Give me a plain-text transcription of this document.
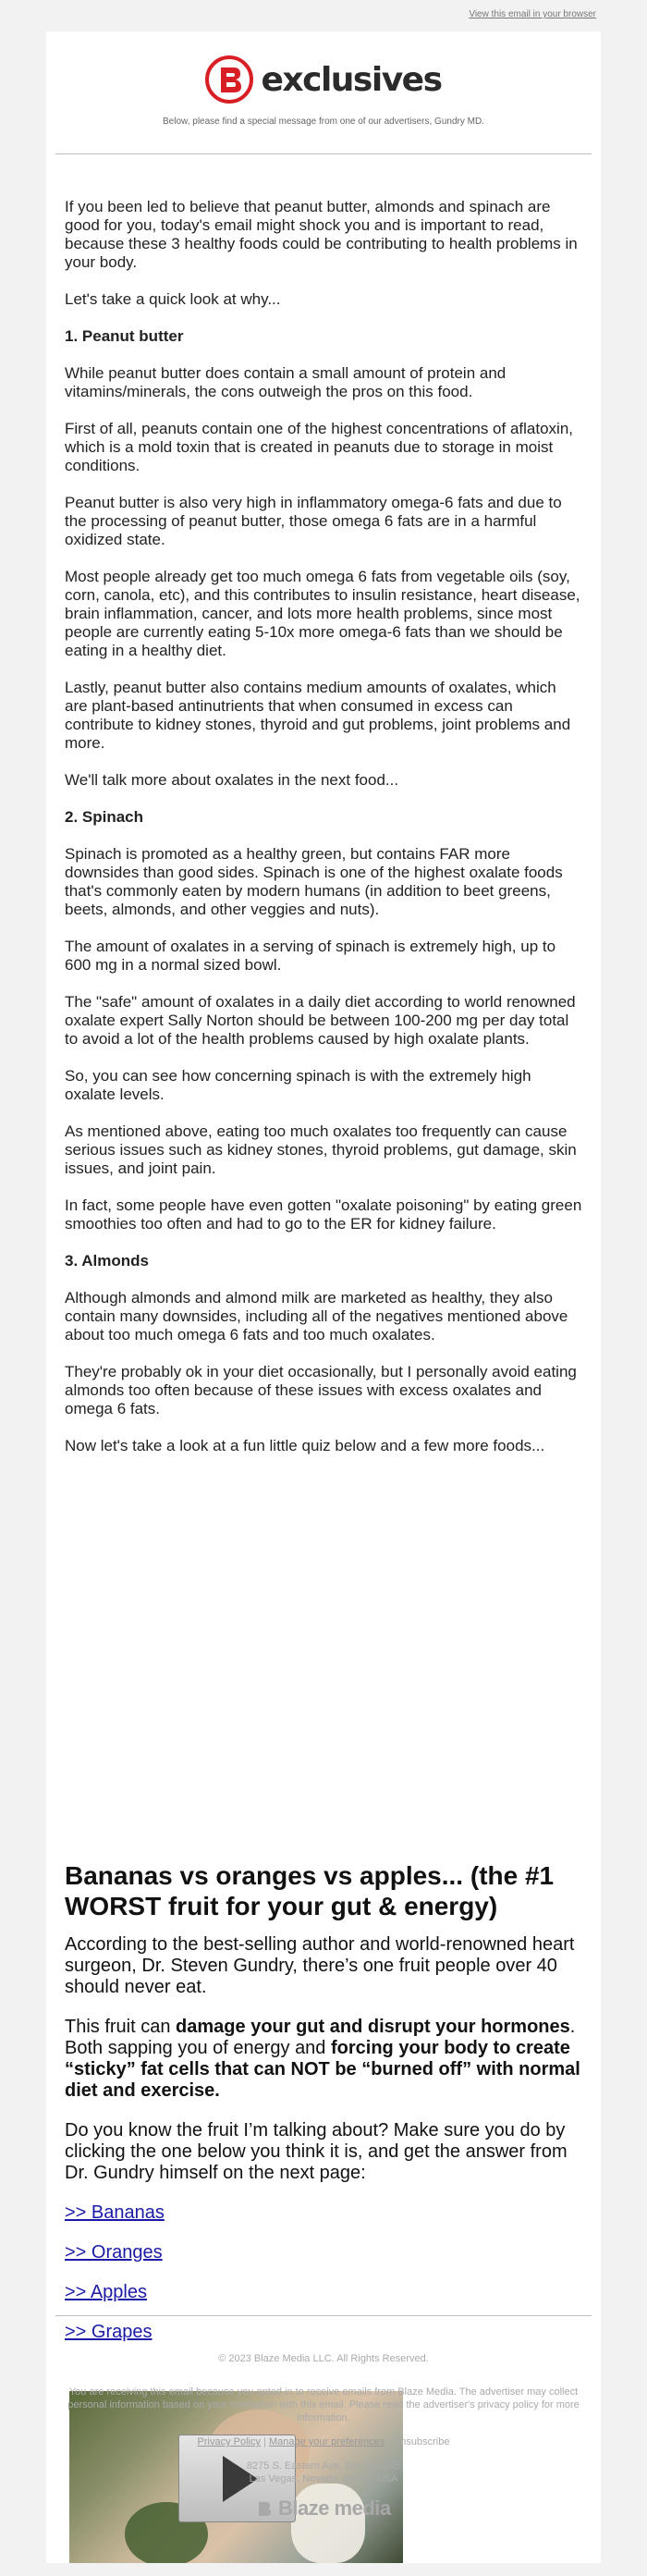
View this email in your browser
exclusives
Below, please find a special message from one of our advertisers, Gundry MD.

If you been led to believe that peanut butter, almonds and spinach are good for you, today's email might shock you and is important to read, because these 3 healthy foods could be contributing to health problems in your body.

Let's take a quick look at why...

1. Peanut butter

While peanut butter does contain a small amount of protein and vitamins/minerals, the cons outweigh the pros on this food.

First of all, peanuts contain one of the highest concentrations of aflatoxin, which is a mold toxin that is created in peanuts due to storage in moist conditions.

Peanut butter is also very high in inflammatory omega-6 fats and due to the processing of peanut butter, those omega 6 fats are in a harmful oxidized state.

Most people already get too much omega 6 fats from vegetable oils (soy, corn, canola, etc), and this contributes to insulin resistance, heart disease, brain inflammation, cancer, and lots more health problems, since most people are currently eating 5-10x more omega-6 fats than we should be eating in a healthy diet.

Lastly, peanut butter also contains medium amounts of oxalates, which are plant-based antinutrients that when consumed in excess can contribute to kidney stones, thyroid and gut problems, joint problems and more.

We'll talk more about oxalates in the next food...

2. Spinach

Spinach is promoted as a healthy green, but contains FAR more downsides than good sides. Spinach is one of the highest oxalate foods that's commonly eaten by modern humans (in addition to beet greens, beets, almonds, and other veggies and nuts).

The amount of oxalates in a serving of spinach is extremely high, up to 600 mg in a normal sized bowl.

The "safe" amount of oxalates in a daily diet according to world renowned oxalate expert Sally Norton should be between 100-200 mg per day total to avoid a lot of the health problems caused by high oxalate plants.

So, you can see how concerning spinach is with the extremely high oxalate levels.

As mentioned above, eating too much oxalates too frequently can cause serious issues such as kidney stones, thyroid problems, gut damage, skin issues, and joint pain.

In fact, some people have even gotten "oxalate poisoning" by eating green smoothies too often and had to go to the ER for kidney failure.

3. Almonds

Although almonds and almond milk are marketed as healthy, they also contain many downsides, including all of the negatives mentioned above about too much omega 6 fats and too much oxalates.

They're probably ok in your diet occasionally, but I personally avoid eating almonds too often because of these issues with excess oxalates and omega 6 fats.

Now let's take a look at a fun little quiz below and a few more foods...

Bananas vs oranges vs apples... (the #1 WORST fruit for your gut & energy)

According to the best-selling author and world-renowned heart surgeon, Dr. Steven Gundry, there’s one fruit people over 40 should never eat.

This fruit can damage your gut and disrupt your hormones. Both sapping you of energy and forcing your body to create “sticky” fat cells that can NOT be “burned off” with normal diet and exercise.

Do you know the fruit I’m talking about? Make sure you do by clicking the one below you think it is, and get the answer from Dr. Gundry himself on the next page:

>> Bananas
>> Oranges
>> Apples
>> Grapes
© 2023 Blaze Media LLC. All Rights Reserved.
You are receiving this email because you opted in to receive emails from Blaze Media. The advertiser may collect personal information based on your interaction with this email. Please read the advertiser's privacy policy for more information.
Privacy Policy | Manage your preferences | Unsubscribe
8275 S. Eastern Ave, Ste 200-245
Las Vegas, Nevada, 89123, USA
Blaze media
